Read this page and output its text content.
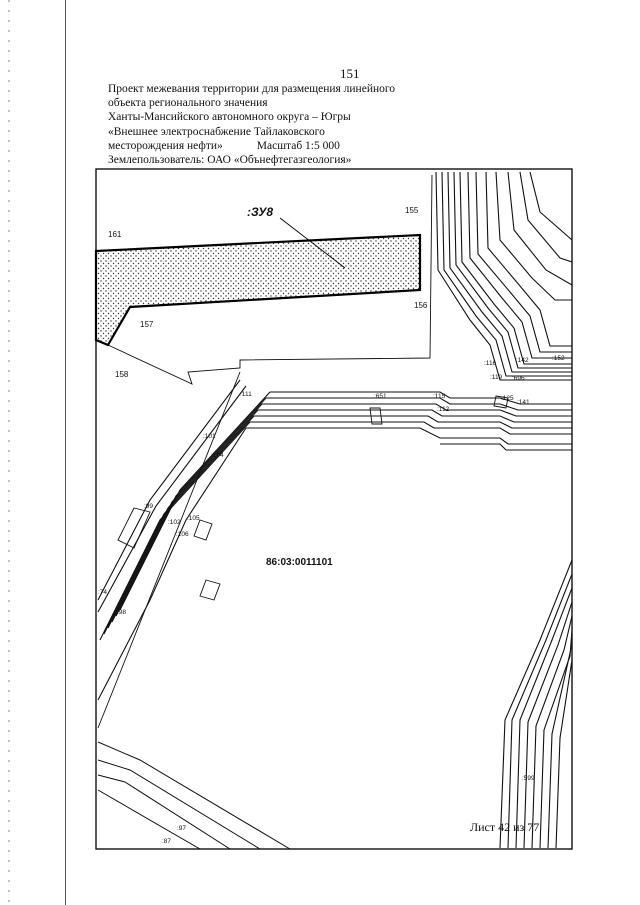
151
Проект межевания территории для размещения линейного
объекта регионального значения
Ханты-Мансийского автономного округа – Югры
«Внешнее электроснабжение Тайлаковского
месторождения нефти»	Масштаб 1:5 000
Землепользователь: ОАО «Обънефтегазгеология»
:ЗУ8	155
161
156
157
158
:116	:142	:152
:119 :696
:111	:651	:115
:112
:125
:141
:101
:104
:99
:102
:105
:106
:74
:98
:599
:97
:87
86:03:0011101
Лист 42 из 77
